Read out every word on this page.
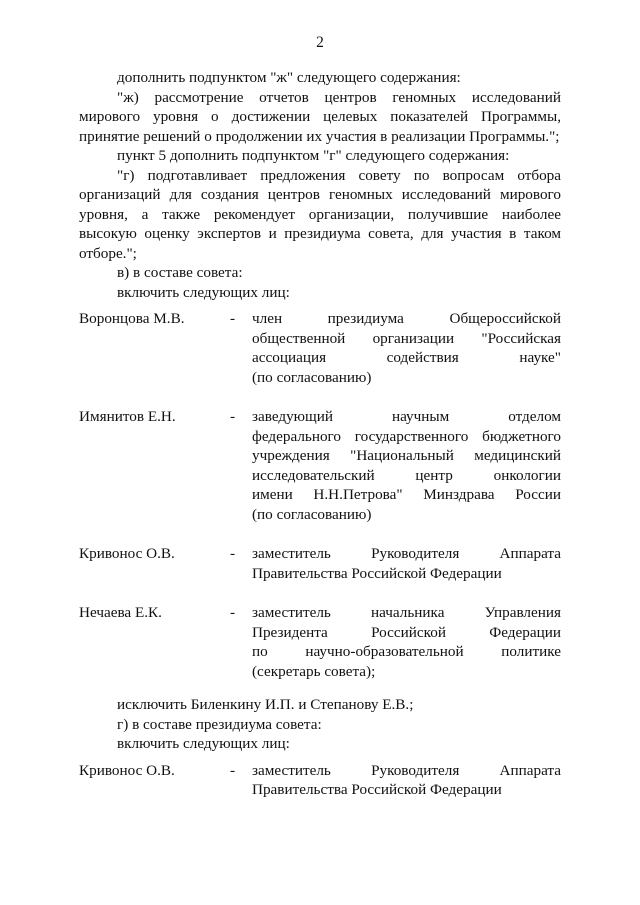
2

дополнить подпунктом "ж" следующего содержания:

"ж) рассмотрение отчетов центров геномных исследований мирового уровня о достижении целевых показателей Программы, принятие решений о продолжении их участия в реализации Программы.";

пункт 5 дополнить подпунктом "г" следующего содержания:

"г) подготавливает предложения совету по вопросам отбора организаций для создания центров геномных исследований мирового уровня, а также рекомендует организации, получившие наиболее высокую оценку экспертов и президиума совета, для участия в таком отборе.";

в) в составе совета:

включить следующих лиц:

Воронцова М.В.	-	член президиума Общероссийской
общественной организации "Российская
ассоциация содействия науке"
(по согласованию)
Имянитов Е.Н.	-	заведующий научным отделом
федерального государственного бюджетного
учреждения "Национальный медицинский
исследовательский центр онкологии
имени Н.Н.Петрова" Минздрава России
(по согласованию)
Кривонос О.В.	-	заместитель Руководителя Аппарата
Правительства Российской Федерации
Нечаева Е.К.	-	заместитель начальника Управления
Президента Российской Федерации
по научно-образовательной политике
(секретарь совета);

исключить Биленкину И.П. и Степанову Е.В.;

г) в составе президиума совета:

включить следующих лиц:

Кривонос О.В.	-	заместитель Руководителя Аппарата
Правительства Российской Федерации
